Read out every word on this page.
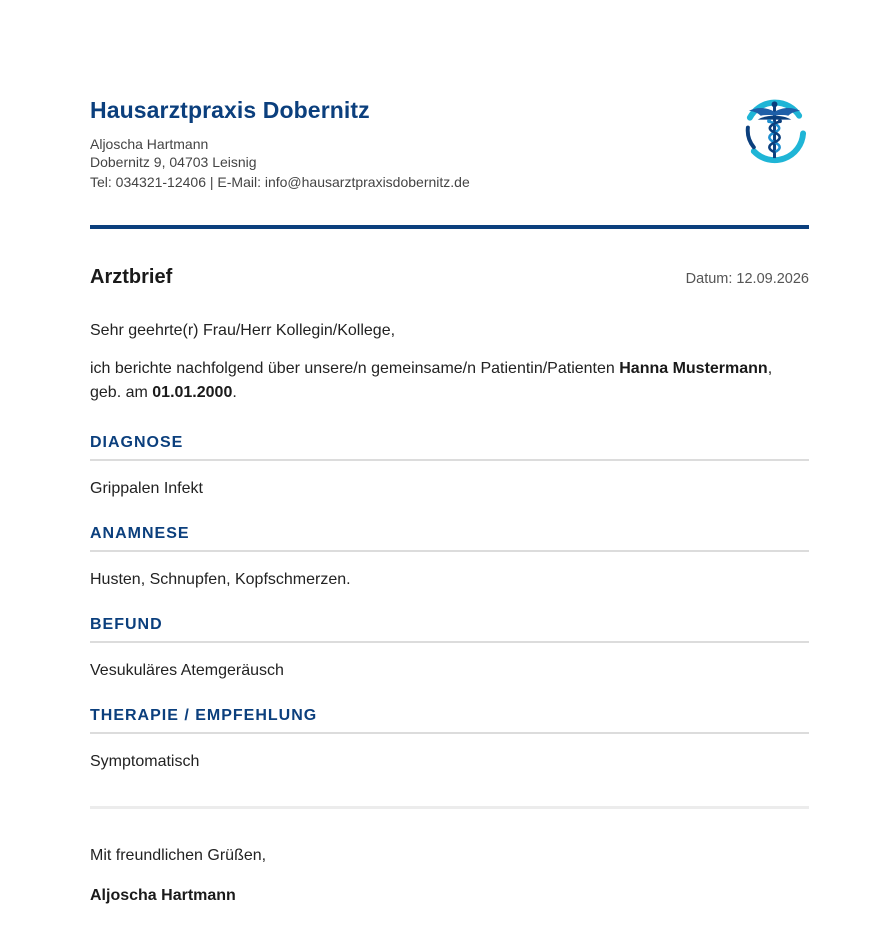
Hausarztpraxis Dobernitz
Aljoscha Hartmann
Dobernitz 9, 04703 Leisnig
Tel: 034321-12406 | E-Mail: info@hausarztpraxisdobernitz.de
Arztbrief	Datum: 12.09.2026
Sehr geehrte(r) Frau/Herr Kollegin/Kollege,
ich berichte nachfolgend über unsere/n gemeinsame/n Patientin/Patienten Hanna Mustermann,
geb. am 01.01.2000.
DIAGNOSE
Grippalen Infekt
ANAMNESE
Husten, Schnupfen, Kopfschmerzen.
BEFUND
Vesukuläres Atemgeräusch
THERAPIE / EMPFEHLUNG
Symptomatisch
Mit freundlichen Grüßen,
Aljoscha Hartmann
